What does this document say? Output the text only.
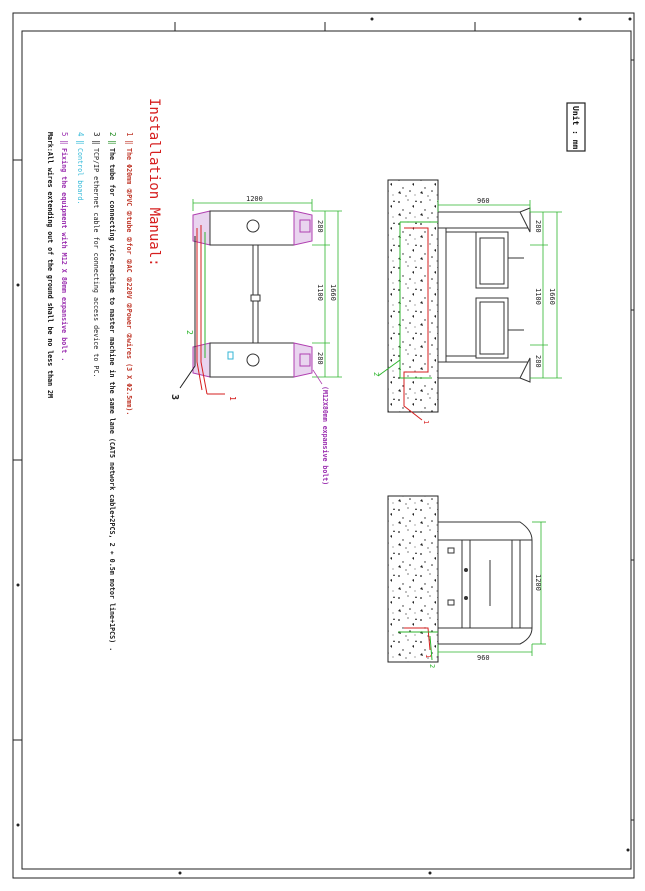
Unit : mm
Installation Manual:
1
‖
The Φ20mm ②PVC ②tube ②for ②AC ②220V ②Power ②wires (3 X Φ2.5mm).
2
‖
The tube for connecting vice-machine to master machine in the same lane (CAT5 network cable+2PCS, 2 ∗ 0.5m motor line+1PCS) .
3
‖
TCP/IP ethernet cable for connecting access device to PC.
4
‖
Control board.
5
‖
Fixing the equipment with M12 X 80mm expansive bolt .
Mark:All wires extending out of the ground shall be no less than 2M	1200
280
1100 1660
280
(M12X80mm expansive bolt)
1
2
3
960
280
1100 1660
280
1
2
1200
960
1
2
